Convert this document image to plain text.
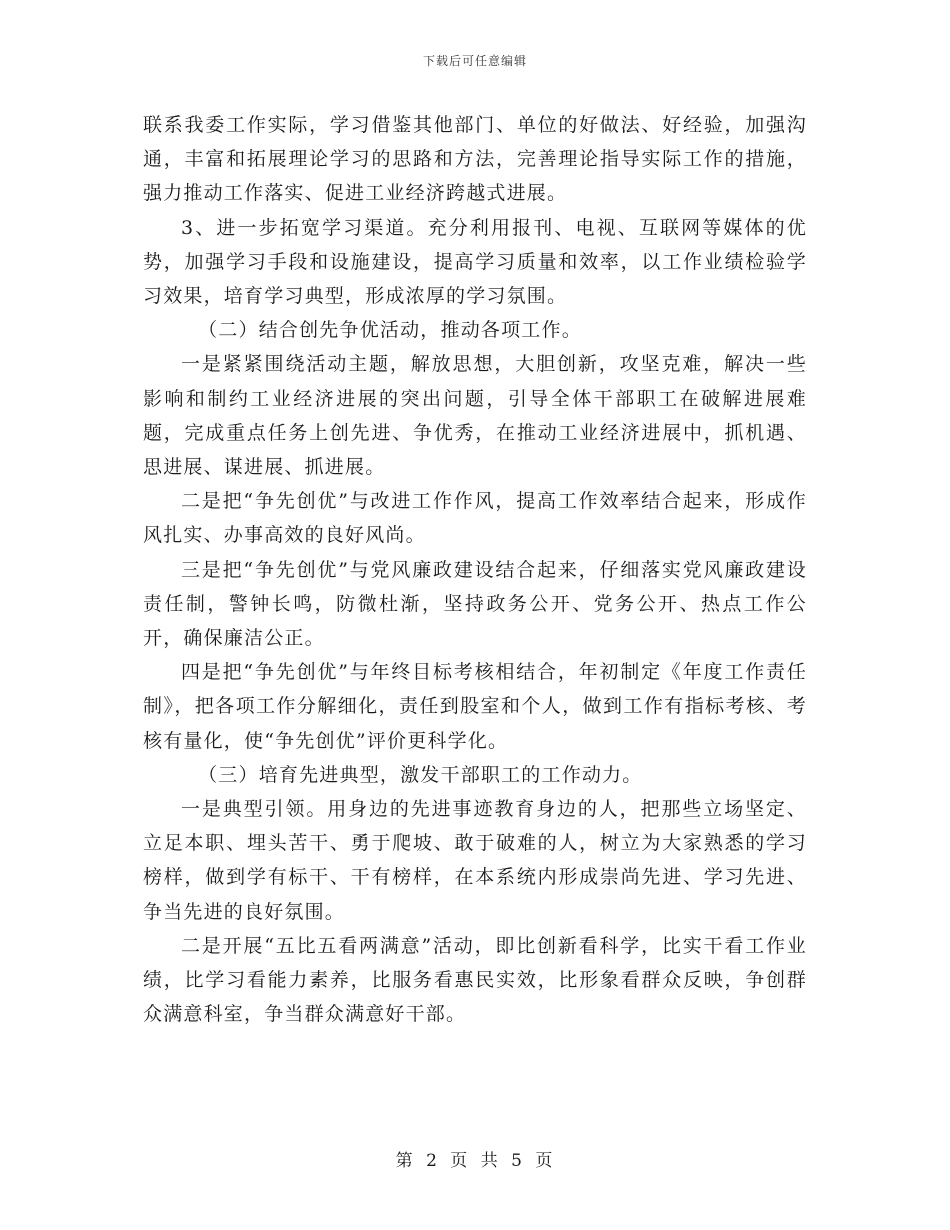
下载后可任意编辑

联系我委工作实际，学习借鉴其他部门、单位的好做法、好经验，加强沟通，丰富和拓展理论学习的思路和方法，完善理论指导实际工作的措施，强力推动工作落实、促进工业经济跨越式进展。

3、进一步拓宽学习渠道。充分利用报刊、电视、互联网等媒体的优势，加强学习手段和设施建设，提高学习质量和效率，以工作业绩检验学习效果，培育学习典型，形成浓厚的学习氛围。

（二）结合创先争优活动，推动各项工作。

一是紧紧围绕活动主题，解放思想，大胆创新，攻坚克难，解决一些影响和制约工业经济进展的突出问题，引导全体干部职工在破解进展难题，完成重点任务上创先进、争优秀，在推动工业经济进展中，抓机遇、思进展、谋进展、抓进展。

二是把“争先创优”与改进工作作风，提高工作效率结合起来，形成作风扎实、办事高效的良好风尚。

三是把“争先创优”与党风廉政建设结合起来，仔细落实党风廉政建设责任制，警钟长鸣，防微杜渐，坚持政务公开、党务公开、热点工作公开，确保廉洁公正。

四是把“争先创优”与年终目标考核相结合，年初制定《年度工作责任制》，把各项工作分解细化，责任到股室和个人，做到工作有指标考核、考核有量化，使“争先创优”评价更科学化。

（三）培育先进典型，激发干部职工的工作动力。

一是典型引领。用身边的先进事迹教育身边的人，把那些立场坚定、立足本职、埋头苦干、勇于爬坡、敢于破难的人，树立为大家熟悉的学习榜样，做到学有标干、干有榜样，在本系统内形成崇尚先进、学习先进、争当先进的良好氛围。

二是开展“五比五看两满意”活动，即比创新看科学，比实干看工作业绩，比学习看能力素养，比服务看惠民实效，比形象看群众反映，争创群众满意科室，争当群众满意好干部。

第 2 页 共 5 页
